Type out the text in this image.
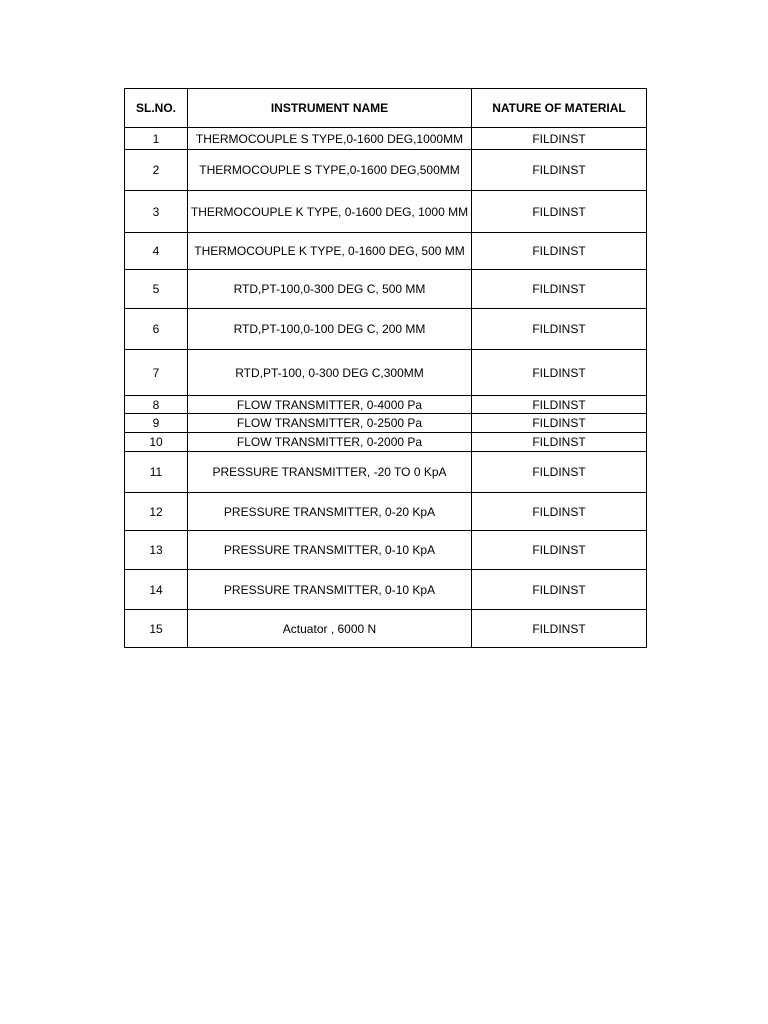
SL.NO.	INSTRUMENT NAME	NATURE OF MATERIAL
1	THERMOCOUPLE S TYPE,0-1600 DEG,1000MM	FILDINST
2	THERMOCOUPLE S TYPE,0-1600 DEG,500MM	FILDINST
3	THERMOCOUPLE K TYPE, 0-1600 DEG, 1000 MM	FILDINST
4	THERMOCOUPLE K TYPE, 0-1600 DEG, 500 MM	FILDINST
5	RTD,PT-100,0-300 DEG C, 500 MM	FILDINST
6	RTD,PT-100,0-100 DEG C, 200 MM	FILDINST
7	RTD,PT-100, 0-300 DEG C,300MM	FILDINST
8	FLOW TRANSMITTER, 0-4000 Pa	FILDINST
9	FLOW TRANSMITTER, 0-2500 Pa	FILDINST
10	FLOW TRANSMITTER, 0-2000 Pa	FILDINST
11	PRESSURE TRANSMITTER, -20 TO 0 KpA	FILDINST
12	PRESSURE TRANSMITTER, 0-20 KpA	FILDINST
13	PRESSURE TRANSMITTER, 0-10 KpA	FILDINST
14	PRESSURE TRANSMITTER, 0-10 KpA	FILDINST
15	Actuator , 6000 N	FILDINST
